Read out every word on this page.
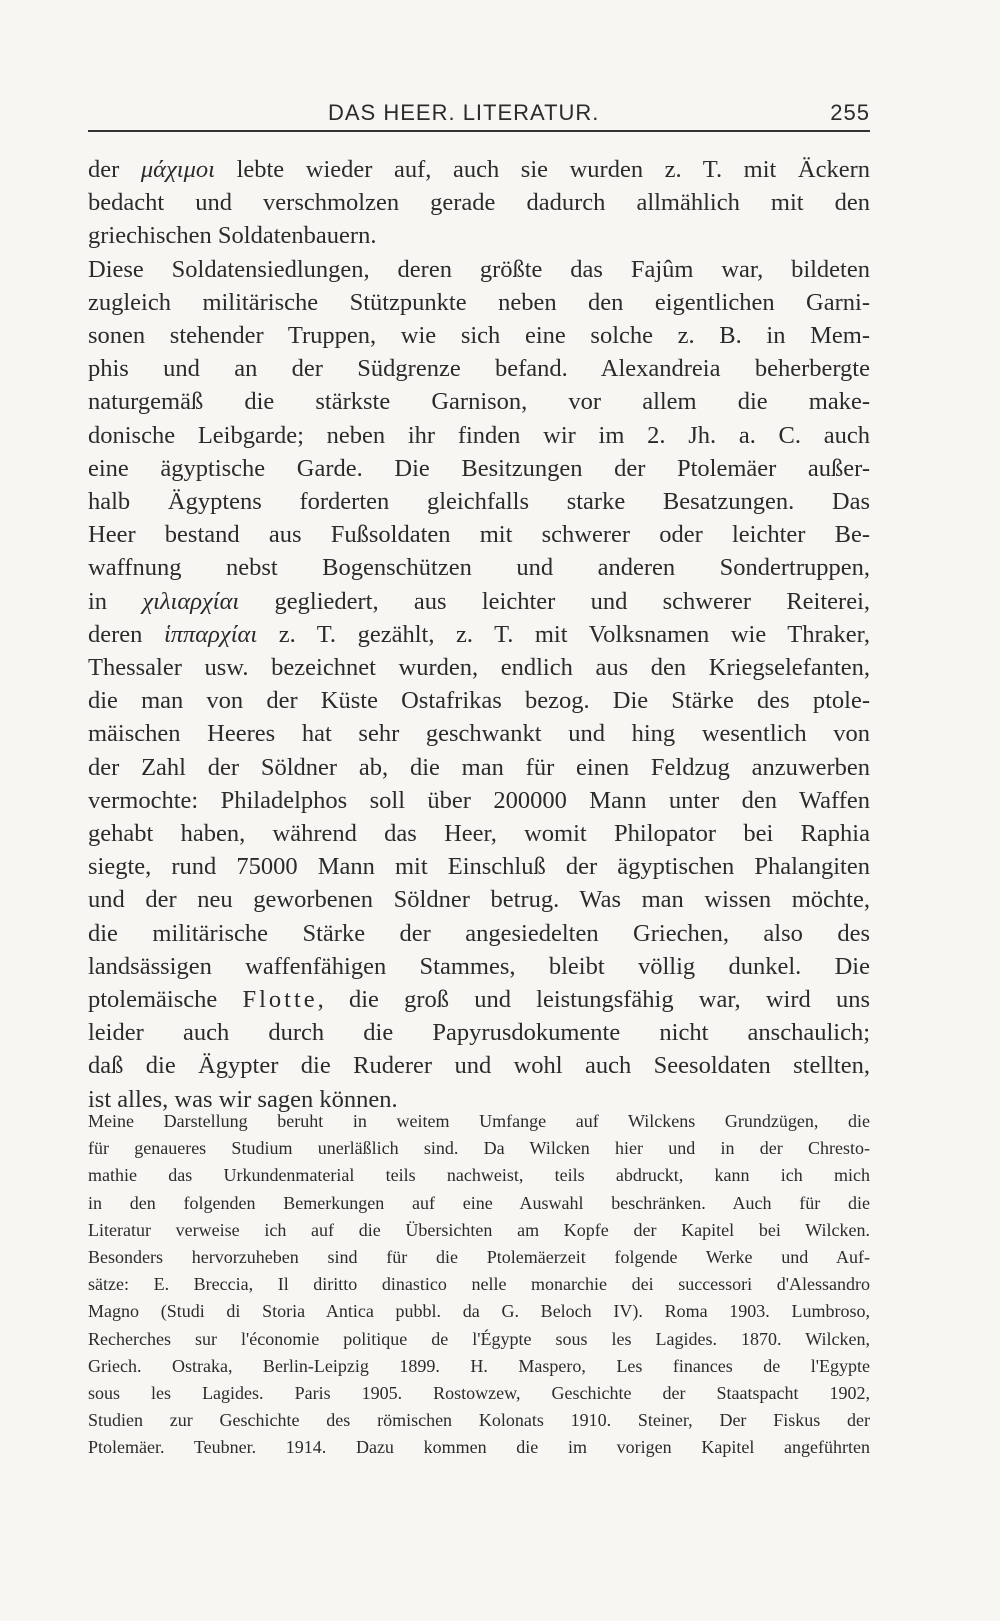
DAS HEER. LITERATUR.	255
der μάχιμοι lebte wieder auf, auch sie wurden z. T. mit Äckern
bedacht und verschmolzen gerade dadurch allmählich mit den
griechischen Soldatenbauern.
Diese Soldatensiedlungen, deren größte das Fajûm war, bildeten
zugleich militärische Stützpunkte neben den eigentlichen Garni-
sonen stehender Truppen, wie sich eine solche z. B. in Mem-
phis und an der Südgrenze befand. Alexandreia beherbergte
naturgemäß die stärkste Garnison, vor allem die make-
donische Leibgarde; neben ihr finden wir im 2. Jh. a. C. auch
eine ägyptische Garde. Die Besitzungen der Ptolemäer außer-
halb Ägyptens forderten gleichfalls starke Besatzungen. Das
Heer bestand aus Fußsoldaten mit schwerer oder leichter Be-
waffnung nebst Bogenschützen und anderen Sondertruppen,
in χιλιαρχίαι gegliedert, aus leichter und schwerer Reiterei,
deren ἱππαρχίαι z. T. gezählt, z. T. mit Volksnamen wie Thraker,
Thessaler usw. bezeichnet wurden, endlich aus den Kriegselefanten,
die man von der Küste Ostafrikas bezog. Die Stärke des ptole-
mäischen Heeres hat sehr geschwankt und hing wesentlich von
der Zahl der Söldner ab, die man für einen Feldzug anzuwerben
vermochte: Philadelphos soll über 200000 Mann unter den Waffen
gehabt haben, während das Heer, womit Philopator bei Raphia
siegte, rund 75000 Mann mit Einschluß der ägyptischen Phalangiten
und der neu geworbenen Söldner betrug. Was man wissen möchte,
die militärische Stärke der angesiedelten Griechen, also des
landsässigen waffenfähigen Stammes, bleibt völlig dunkel. Die
ptolemäische Flotte, die groß und leistungsfähig war, wird uns
leider auch durch die Papyrusdokumente nicht anschaulich;
daß die Ägypter die Ruderer und wohl auch Seesoldaten stellten,
ist alles, was wir sagen können.
Meine Darstellung beruht in weitem Umfange auf Wilckens Grundzügen, die
für genaueres Studium unerläßlich sind. Da Wilcken hier und in der Chresto-
mathie das Urkundenmaterial teils nachweist, teils abdruckt, kann ich mich
in den folgenden Bemerkungen auf eine Auswahl beschränken. Auch für die
Literatur verweise ich auf die Übersichten am Kopfe der Kapitel bei Wilcken.
Besonders hervorzuheben sind für die Ptolemäerzeit folgende Werke und Auf-
sätze: E. Breccia, Il diritto dinastico nelle monarchie dei successori d'Alessandro
Magno (Studi di Storia Antica pubbl. da G. Beloch IV). Roma 1903. Lumbroso,
Recherches sur l'économie politique de l'Égypte sous les Lagides. 1870. Wilcken,
Griech. Ostraka, Berlin-Leipzig 1899. H. Maspero, Les finances de l'Egypte
sous les Lagides. Paris 1905. Rostowzew, Geschichte der Staatspacht 1902,
Studien zur Geschichte des römischen Kolonats 1910. Steiner, Der Fiskus der
Ptolemäer. Teubner. 1914. Dazu kommen die im vorigen Kapitel angeführten
